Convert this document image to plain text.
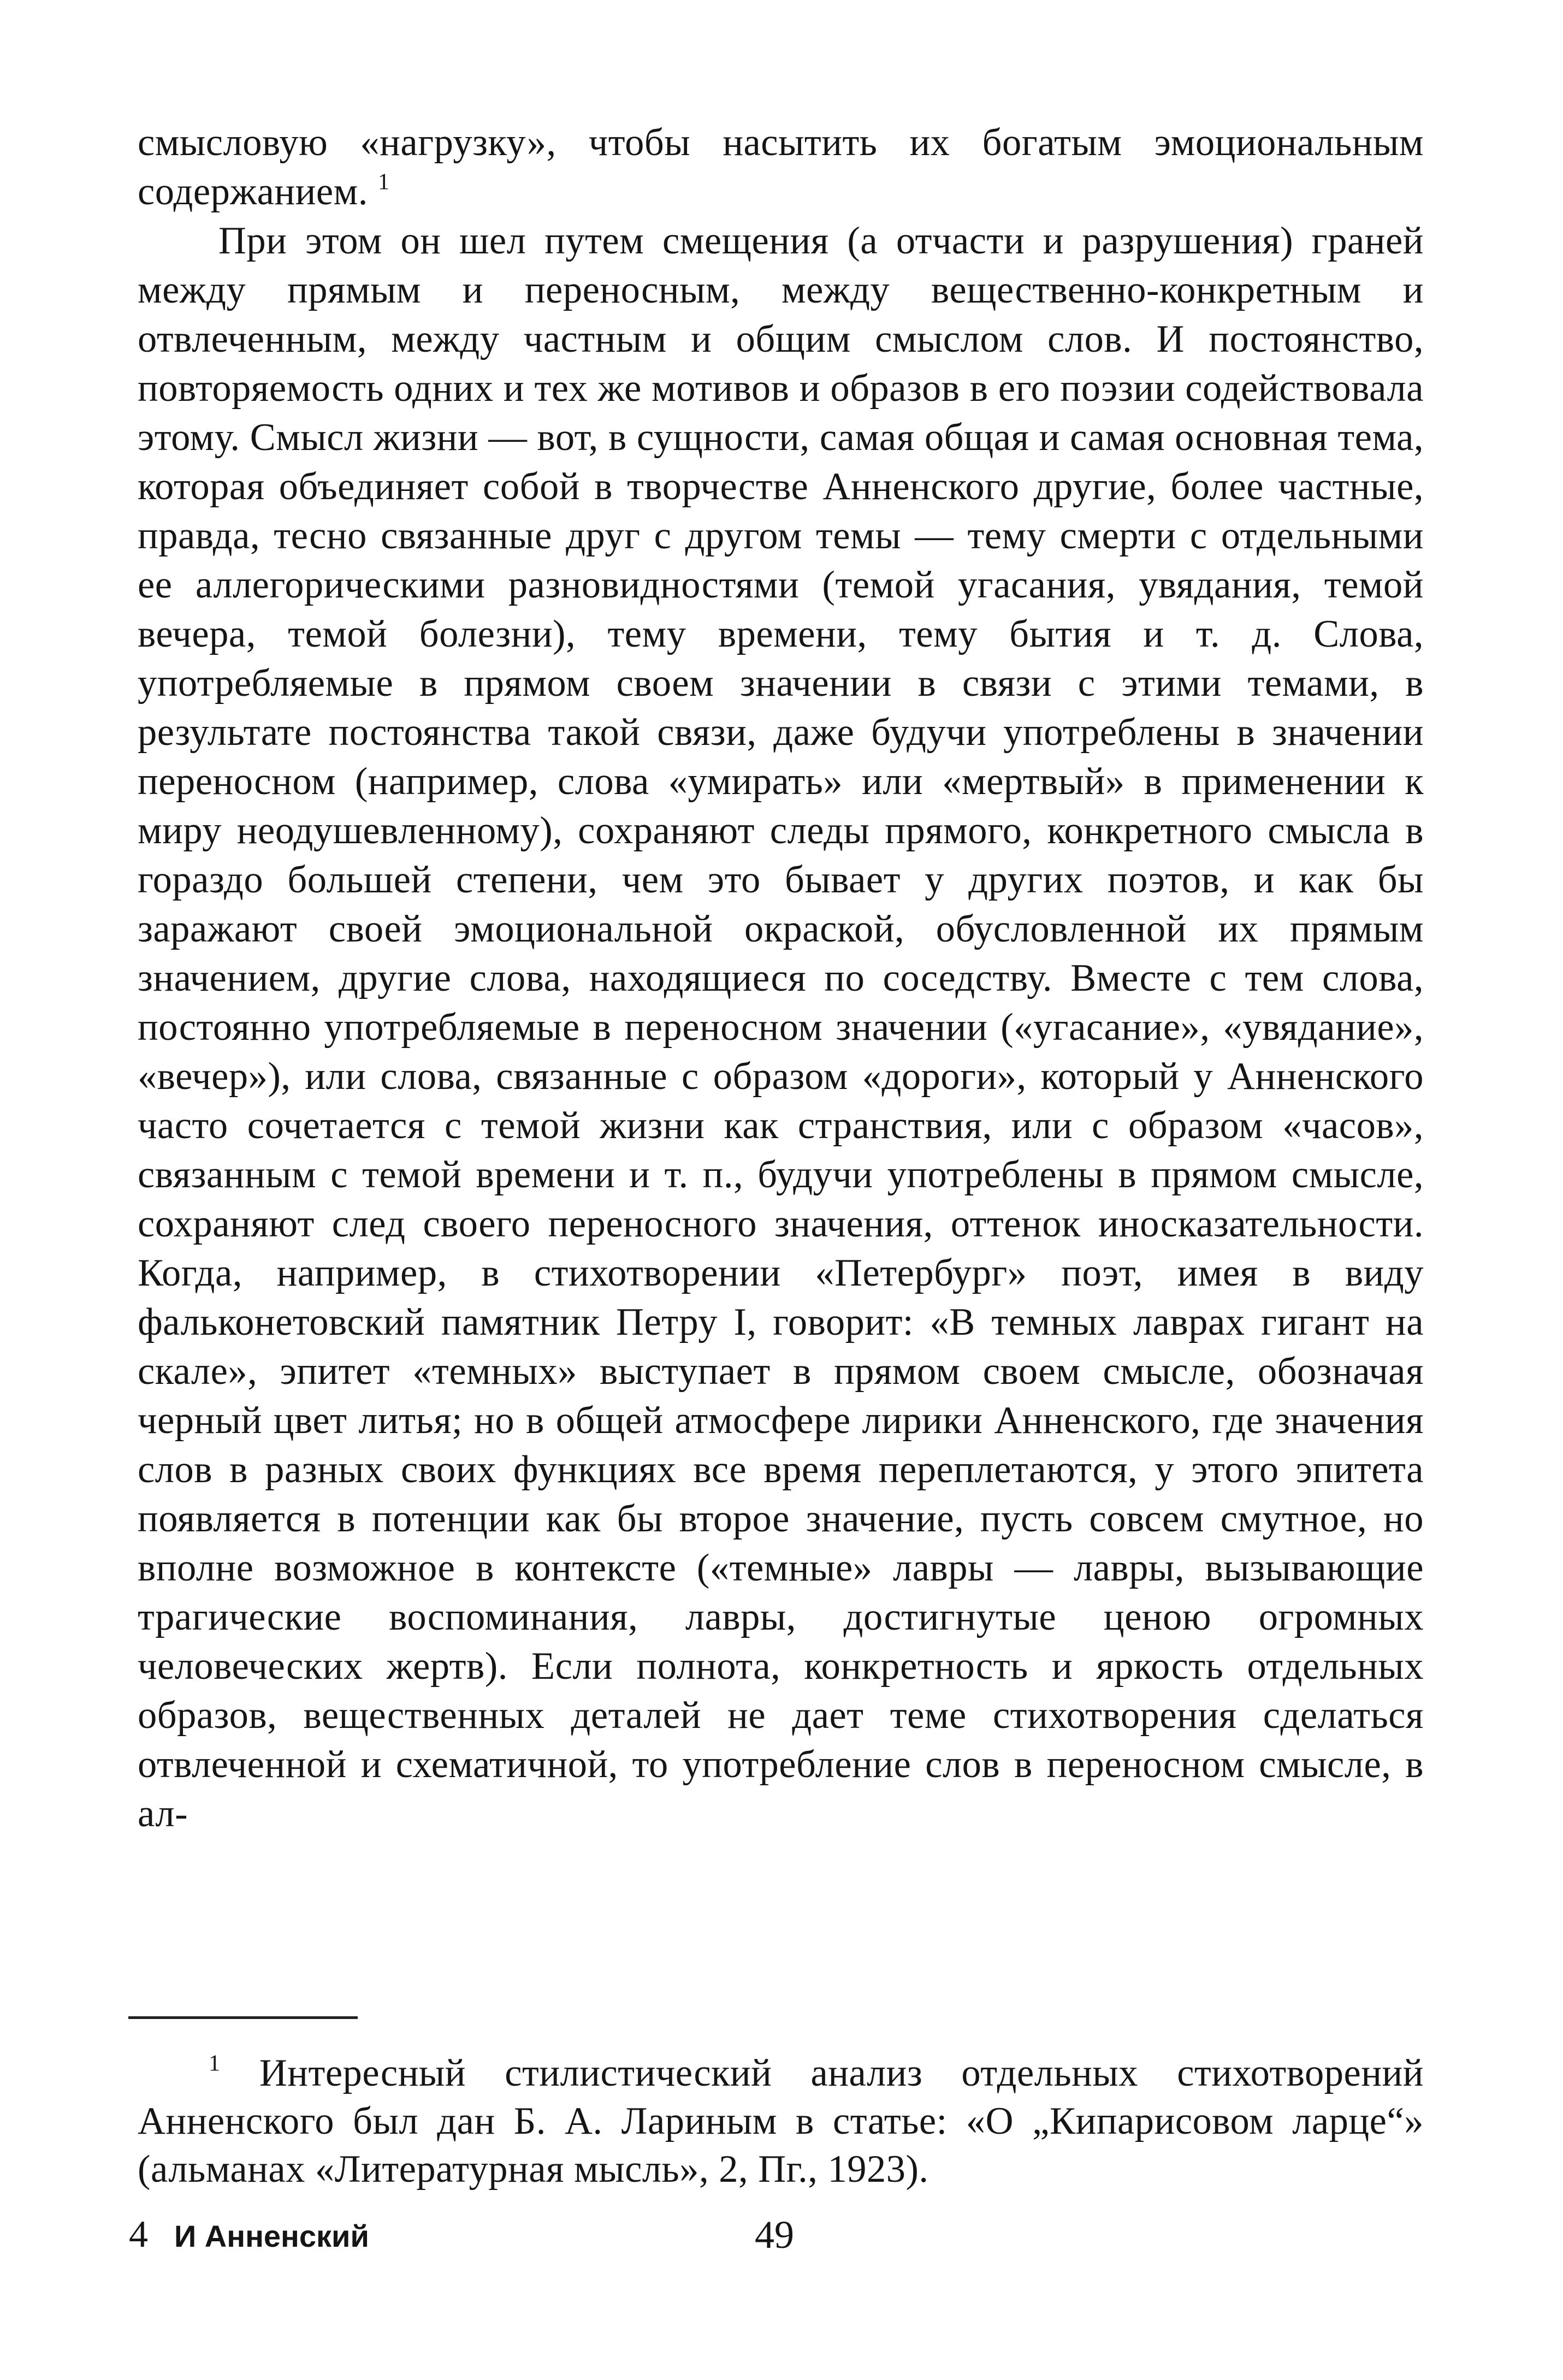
смысловую «нагрузку», чтобы насытить их богатым эмоциональным содержанием. $^1$

При этом он шел путем смещения (а отчасти и разрушения) граней между прямым и переносным, между вещественно-конкретным и отвлеченным, между частным и общим смыслом слов. И постоянство, повторяемость одних и тех же мотивов и образов в его поэзии содействовала этому. Смысл жизни — вот, в сущности, самая общая и самая основная тема, которая объединяет собой в творчестве Анненского другие, более частные, правда, тесно связанные друг с другом темы — тему смерти с отдельными ее аллегорическими разновидностями (темой угасания, увядания, темой вечера, темой болезни), тему времени, тему бытия и т. д. Слова, употребляемые в прямом своем значении в связи с этими темами, в результате постоянства такой связи, даже будучи употреблены в значении переносном (например, слова «умирать» или «мертвый» в применении к миру неодушевленному), сохраняют следы прямого, конкретного смысла в гораздо большей степени, чем это бывает у других поэтов, и как бы заражают своей эмоциональной окраской, обусловленной их прямым значением, другие слова, находящиеся по соседству. Вместе с тем слова, постоянно употребляемые в переносном значении («угасание», «увядание», «вечер»), или слова, связанные с образом «дороги», который у Анненского часто сочетается с темой жизни как странствия, или с образом «часов», связанным с темой времени и т. п., будучи употреблены в прямом смысле, сохраняют след своего переносного значения, оттенок иносказательности. Когда, например, в стихотворении «Петербург» поэт, имея в виду фальконетовский памятник Петру I, говорит: «В темных лаврах гигант на скале», эпитет «темных» выступает в прямом своем смысле, обозначая черный цвет литья; но в общей атмосфере лирики Анненского, где значения слов в разных своих функциях все время переплетаются, у этого эпитета появляется в потенции как бы второе значение, пусть совсем смутное, но вполне возможное в контексте («темные» лавры — лавры, вызывающие трагические воспоминания, лавры, достигнутые ценою огромных человеческих жертв). Если полнота, конкретность и яркость отдельных образов, вещественных деталей не дает теме стихотворения сделаться отвлеченной и схематичной, то употребление слов в переносном смысле, в ал-

$^1$ Интересный стилистический анализ отдельных стихотворений Анненского был дан Б. А. Лариным в статье: «О „Кипарисовом ларце“» (альманах «Литературная мысль», 2, Пг., 1923).

4 И Анненский	49
